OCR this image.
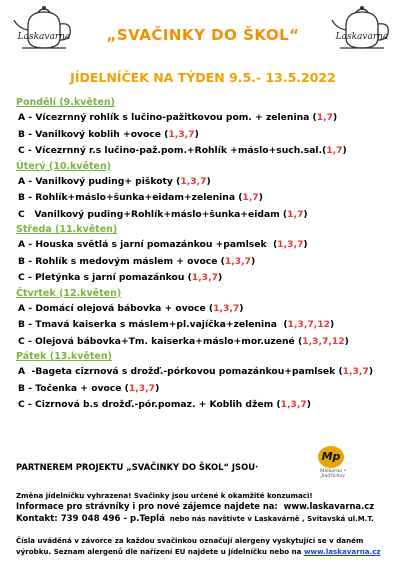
Laskavarna	Laskavarna
„SVAČINKY DO ŠKOL“
JÍDELNÍČEK NA TÝDEN 9.5.- 13.5.2022
Pondělí (9.květen)
A - Vícezrnný rohlík s lučino-pažitkovou pom. + zelenina (1,7)
B - Vanilkový koblih +ovoce (1,3,7)
C - Vícezrnný r.s lučino-paž.pom.+Rohlík +máslo+such.sal.(1,7)
Úterý (10.květen)
A - Vanilkový puding+ piškoty (1,3,7)
B - Rohlík+máslo+šunka+eidam+zelenina (1,7)
C   Vanilkový puding+Rohlík+máslo+šunka+eidam (1,7)
Středa (11.květen)
A - Houska světlá s jarní pomazánkou +pamlsek  (1,3,7)
B - Rohlík s medovým máslem + ovoce (1,3,7)
C - Pletýnka s jarní pomazánkou (1,3,7)
Čtvrtek (12.květen)
A - Domácí olejová bábovka + ovoce (1,3,7)
B - Tmavá kaiserka s máslem+pl.vajíčka+zelenina  (1,3,7,12)
C - Olejová bábovka+Tm. kaiserka+máslo+mor.uzené (1,3,7,12)
Pátek (13.květen)
A  -Bageta cizrnová s drožď.-pórkovou pomazánkou+pamlsek (1,3,7)
B - Točenka + ovoce (1,3,7)
C - Cizrnová b.s drožď.-pór.pomaz. + Koblih džem (1,3,7)
PARTNEREM PROJEKTU „SVAČINKY DO ŠKOL“ JSOU·
Mp
Mlékárna • Jindřichov
Změna jídelníčku vyhrazena! Svačinky jsou určené k okamžité konzumaci!
Informace pro strávníky i pro nové zájemce najdete na:  www.laskavarna.cz
Kontakt: 739 048 496 - p.Teplá  nebo nás navštivte v Laskavárně , Svitavská ul.M.T.
Čísla uváděná v závorce za každou svačinkou označují alergeny vyskytující se v daném
výrobku. Seznam alergenů dle nařízení EU najdete u jídelníčku nebo na www.laskavarna.cz
